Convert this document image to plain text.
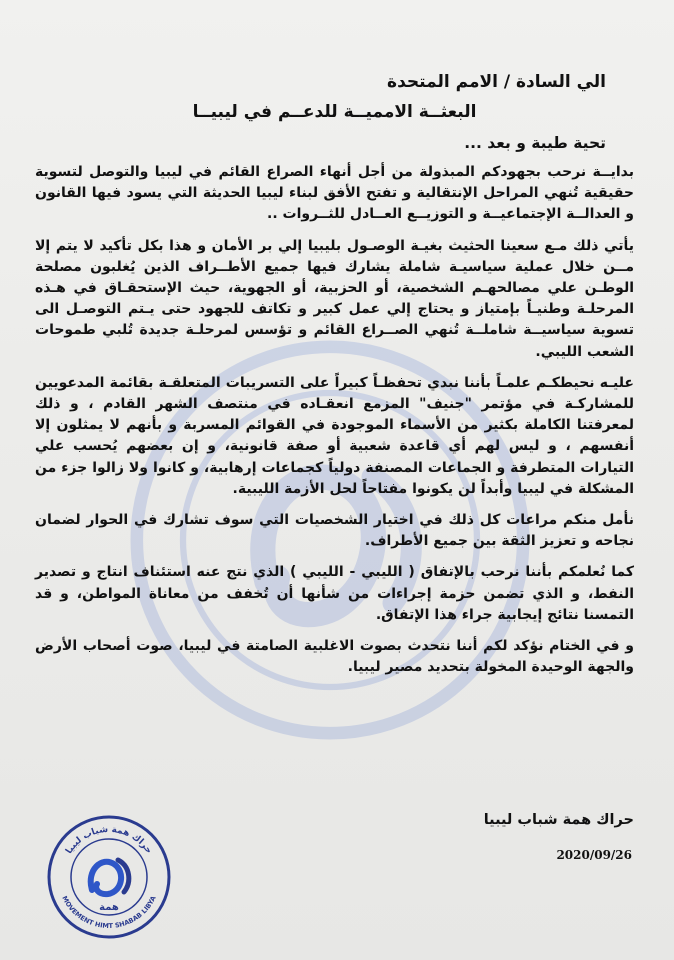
الي السادة / الامم المتحدة
البعثــة الامميــة للدعــم في ليبيــا
تحية طيبة و بعد ...

بدايــة نرحب بجهودكم المبذولة من أجل أنهاء الصراع القائم في ليبيا والتوصل لتسوية حقيقية تُنهي المراحل الإنتقالية و تفتح الأفق لبناء ليبيا الحديثة التي يسود فيها القانون و العدالــة الإجتماعيــة و التوزيــع العــادل للثــروات ..

يأتي ذلك مـع سعينا الحثيث بغيـة الوصـول بليبيا إلي بر الأمان و هذا بكل تأكيد لا يتم إلا مــن خلال عملية سياسيـة شاملة يشارك فيها جميع الأطــراف الذين يُغلبون مصلحة الوطـن علي مصالحهـم الشخصية، أو الحزبية، أو الجهوية، حيث الإستحقـاق في هـذه المرحلـة وطنيـاً بإمتياز و يحتاج إلي عمل كبير و تكاتف للجهود حتى يـتم التوصـل الى تسوية سياسيــة شاملــة تُنهي الصــراع القائم و تؤسس لمرحلـة جديدة تُلبي طموحات الشعب الليبي.

عليـه نحيطكـم علمـاً بأننا نبدي تحفظـاً كبيراً على التسريبات المتعلقـة بقائمة المدعويين للمشاركـة في مؤتمر "جنيف" المزمع انعقـاده في منتصف الشهر القادم ، و ذلك لمعرفتنا الكاملة بكثير من الأسماء الموجودة في القوائم المسربة و بأنهم لا يمثلون إلا أنفسهم ، و ليس لهم أي قاعدة شعبية أو صفة قانونية، و إن بعضهم يُحسب علي التيارات المتطرفة و الجماعات المصنفة دولياً كجماعات إرهابية، و كانوا ولا زالوا جزء من المشكلة في ليبيا وأبداً لن يكونوا مفتاحاً لحل الأزمة الليبية.

نأمل منكم مراعات كل ذلك في اختيار الشخصيات التي سوف تشارك في الحوار لضمان نجاحه و تعزيز الثقة بين جميع الأطراف.

كما نُعلمكم بأننا نرحب بالإتفاق ( الليبي - الليبي ) الذي نتج عنه استئناف انتاج و تصدير النفط، و الذي تضمن حزمة إجراءات من شأنها أن تُخفف من معاناة المواطن، و قد التمسنا نتائج إيجابية جراء هذا الإتفاق.

و في الختام نؤكد لكم أننا نتحدث بصوت الاغلبية الصامتة في ليبيا، صوت أصحاب الأرض والجهة الوحيدة المخولة بتحديد مصير ليبيا.

حراك همة شباب ليبيا
2020/09/26
حراك همة شباب ليبيا
MOVEMENT HIMT SHABAB LIBYA
همة
